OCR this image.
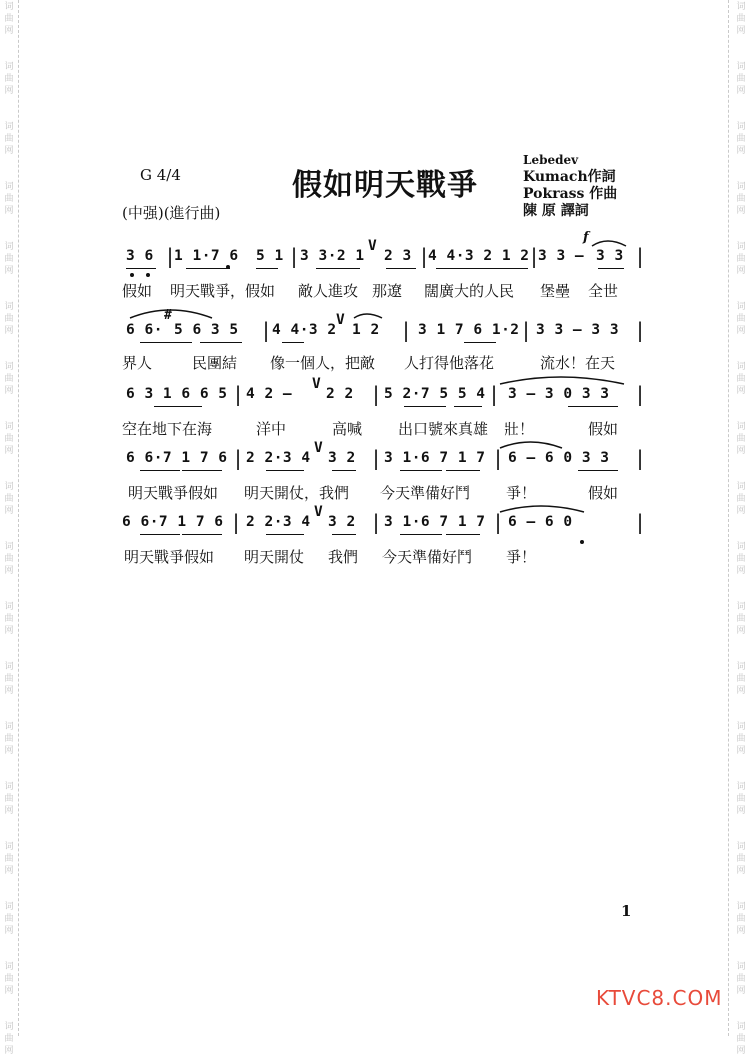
词
曲
网
词
曲
网
词
曲
网
词
曲
网
词
曲
网
词
曲
网
词
曲
网
词
曲
网
词
曲
网
词
曲
网
词
曲
网
词
曲
网
词
曲
网
词
曲
网
词
曲
网
词
曲
网
词
曲
网
词
曲
网
词
曲
网
词
曲
网
词
曲
网
词
曲
网
词
曲
网
词
曲
网
词
曲
网
词
曲
网
词
曲
网
词
曲
网
词
曲
网
词
曲
网
词
曲
网
词
曲
网
词
曲
网
词
曲
网
词
曲
网
词
曲
网
G 4/4
(中强)(進行曲)
假如明天戰爭
Lebedev
Kumach作詞
Pokrass 作曲
陳 原 譯詞
f
3 6 |
1 1·7 6 5 1 | 3 3·2 1
V
2 3 |
4 4·3 2 1 2
|
3 3 — 3 3 |
假如 明天戰爭，假如 敵人進攻 那遼 闊廣大的人民 堡壘 全世
6 6·
#
5 6 3 5 | 4 4·3 2
V
1 2 | 3 1 7 6 1·2 | 3 3 — 3 3 |
界人	民團結 像一個人，把敵 人打得他落花	流水！在天
6 3 1 6 6 5 | 4 2 —
V
2 2 | 5 2·7 5 5 4 | 3 — 3 0 3 3 |
空在地下在海	洋中	高喊 出口號來真雄 壯！	假如
6 6·7 1 7 6 | 2 2·3 4
V
3 2 | 3 1·6 7 1 7 | 6 — 6 0 3 3 |
明天戰爭假如 明天開仗，我們 今天準備好鬥 爭！	假如
6 6·7 1 7 6 | 2 2·3 4
V
3 2 | 3 1·6 7 1 7 | 6 — 6 0	|
明天戰爭假如 明天開仗 我們 今天準備好鬥 爭！
1
KTVC8.COM
